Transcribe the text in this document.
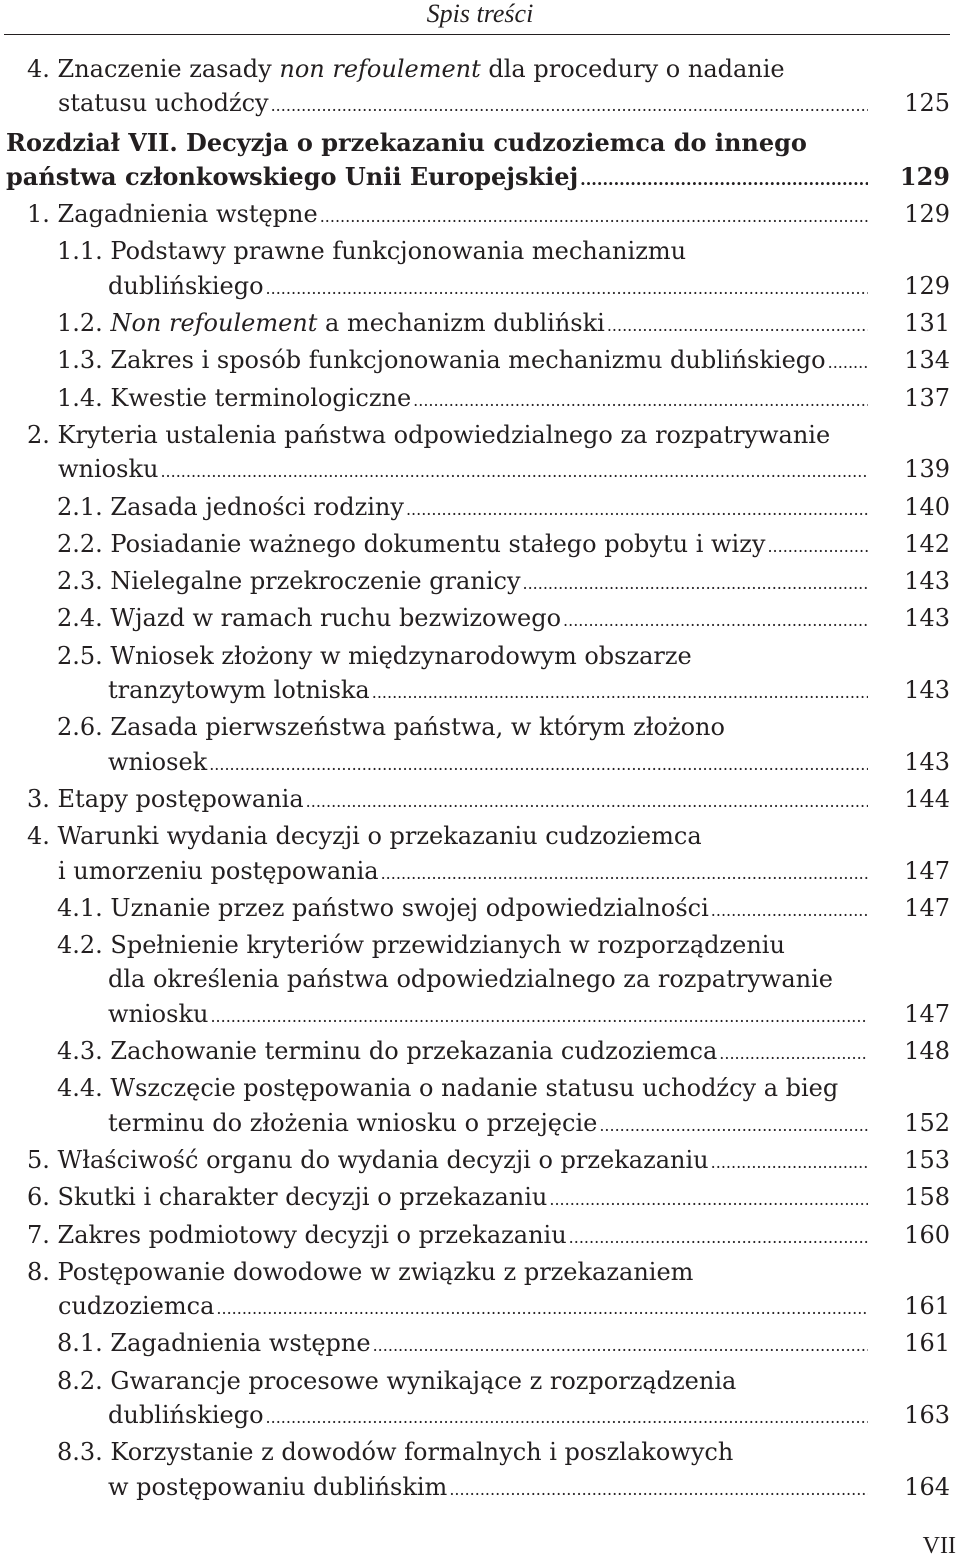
Spis treści
4. Znaczenie zasady non refoulement dla procedury o nadanie
statusu uchodźcy .....	125
Rozdział VII. Decyzja o przekazaniu cudzoziemca do innego
państwa członkowskiego Unii Europejskiej .....	129
1. Zagadnienia wstępne .....	129
1.1. Podstawy prawne funkcjonowania mechanizmu
dublińskiego .....	129
1.2. Non refoulement a mechanizm dubliński .....	131
1.3. Zakres i sposób funkcjonowania mechanizmu dublińskiego .....	134
1.4. Kwestie terminologiczne .....	137
2. Kryteria ustalenia państwa odpowiedzialnego za rozpatrywanie
wniosku .....	139
2.1. Zasada jedności rodziny .....	140
2.2. Posiadanie ważnego dokumentu stałego pobytu i wizy .....	142
2.3. Nielegalne przekroczenie granicy .....	143
2.4. Wjazd w ramach ruchu bezwizowego .....	143
2.5. Wniosek złożony w międzynarodowym obszarze
tranzytowym lotniska .....	143
2.6. Zasada pierwszeństwa państwa, w którym złożono
wniosek .....	143
3. Etapy postępowania .....	144
4. Warunki wydania decyzji o przekazaniu cudzoziemca
i umorzeniu postępowania .....	147
4.1. Uznanie przez państwo swojej odpowiedzialności .....	147
4.2. Spełnienie kryteriów przewidzianych w rozporządzeniu
dla określenia państwa odpowiedzialnego za rozpatrywanie
wniosku .....	147
4.3. Zachowanie terminu do przekazania cudzoziemca .....	148
4.4. Wszczęcie postępowania o nadanie statusu uchodźcy a bieg
terminu do złożenia wniosku o przejęcie .....	152
5. Właściwość organu do wydania decyzji o przekazaniu .....	153
6. Skutki i charakter decyzji o przekazaniu .....	158
7. Zakres podmiotowy decyzji o przekazaniu .....	160
8. Postępowanie dowodowe w związku z przekazaniem
cudzoziemca .....	161
8.1. Zagadnienia wstępne .....	161
8.2. Gwarancje procesowe wynikające z rozporządzenia
dublińskiego .....	163
8.3. Korzystanie z dowodów formalnych i poszlakowych
w postępowaniu dublińskim .....	164
VII
